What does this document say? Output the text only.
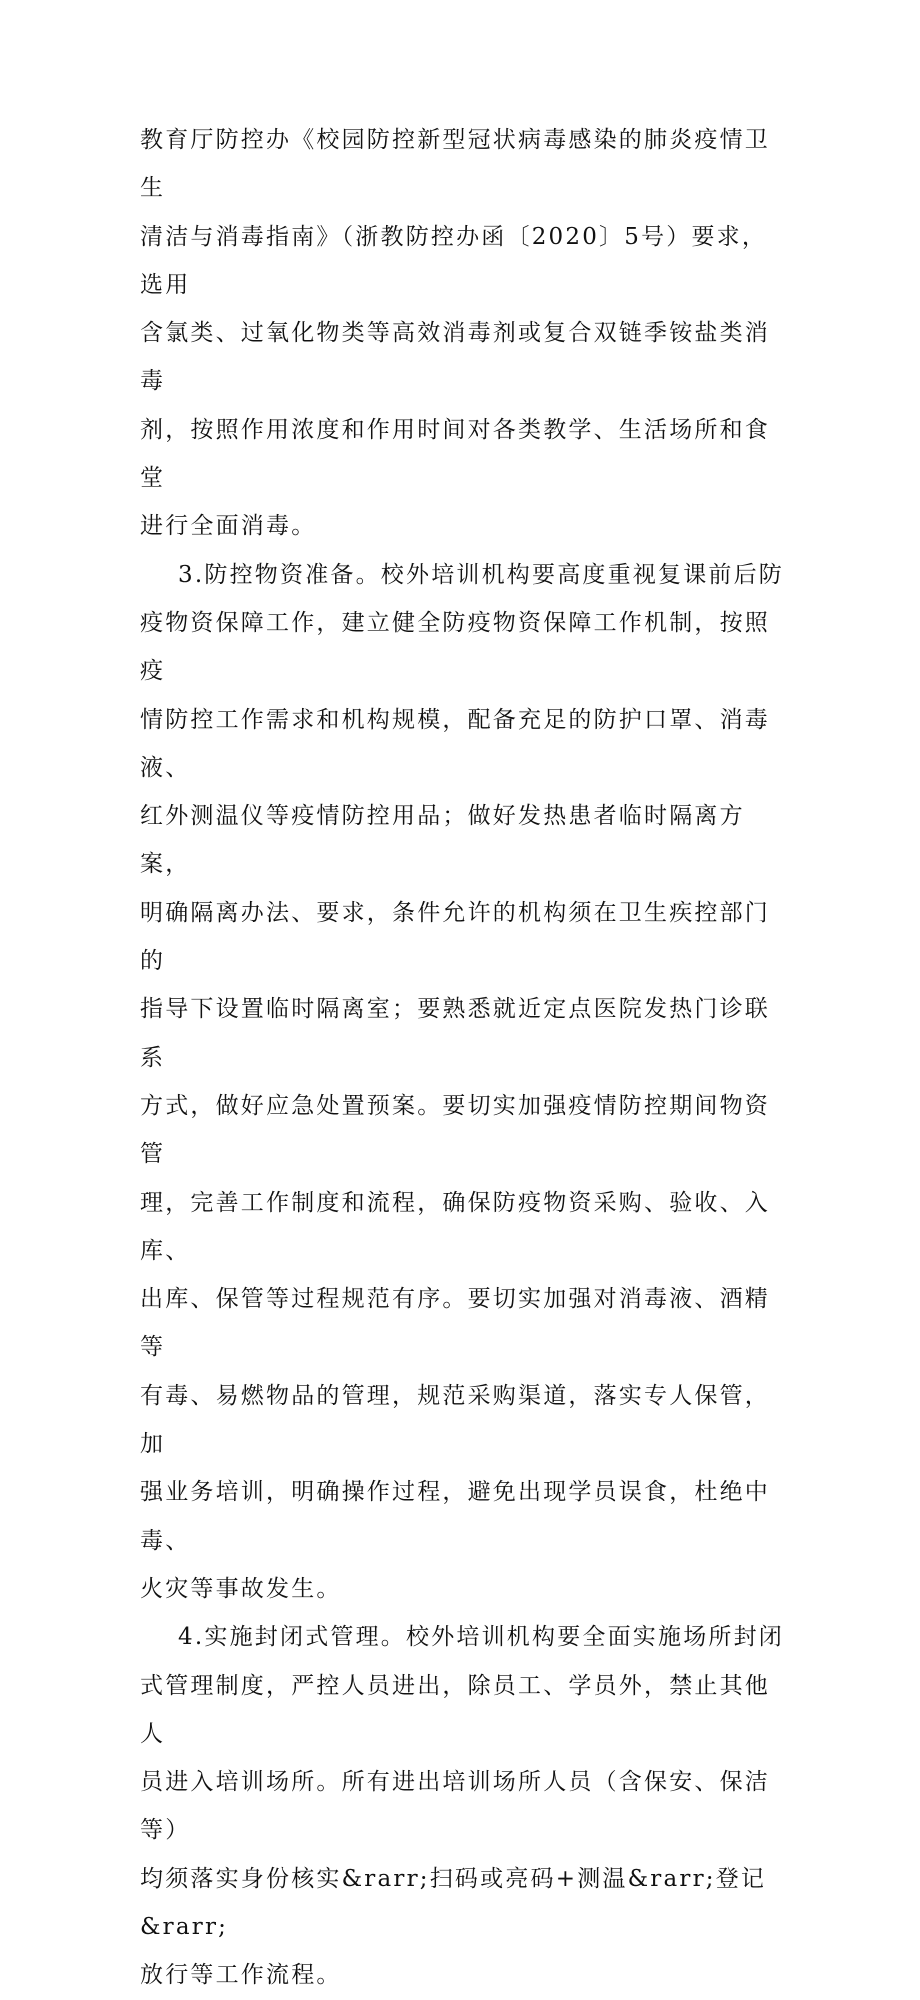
教育厅防控办《校园防控新型冠状病毒感染的肺炎疫情卫生
清洁与消毒指南》（浙教防控办函〔2020〕5号）要求，选用
含氯类、过氧化物类等高效消毒剂或复合双链季铵盐类消毒
剂，按照作用浓度和作用时间对各类教学、生活场所和食堂
进行全面消毒。

3.防控物资准备。校外培训机构要高度重视复课前后防
疫物资保障工作，建立健全防疫物资保障工作机制，按照疫
情防控工作需求和机构规模，配备充足的防护口罩、消毒液、
红外测温仪等疫情防控用品；做好发热患者临时隔离方案，
明确隔离办法、要求，条件允许的机构须在卫生疾控部门的
指导下设置临时隔离室；要熟悉就近定点医院发热门诊联系
方式，做好应急处置预案。要切实加强疫情防控期间物资管
理，完善工作制度和流程，确保防疫物资采购、验收、入库、
出库、保管等过程规范有序。要切实加强对消毒液、酒精等
有毒、易燃物品的管理，规范采购渠道，落实专人保管，加
强业务培训，明确操作过程，避免出现学员误食，杜绝中毒、
火灾等事故发生。

4.实施封闭式管理。校外培训机构要全面实施场所封闭
式管理制度，严控人员进出，除员工、学员外，禁止其他人
员进入培训场所。所有进出培训场所人员（含保安、保洁等）
均须落实身份核实&rarr;扫码或亮码+测温&rarr;登记&rarr;
放行等工作流程。
